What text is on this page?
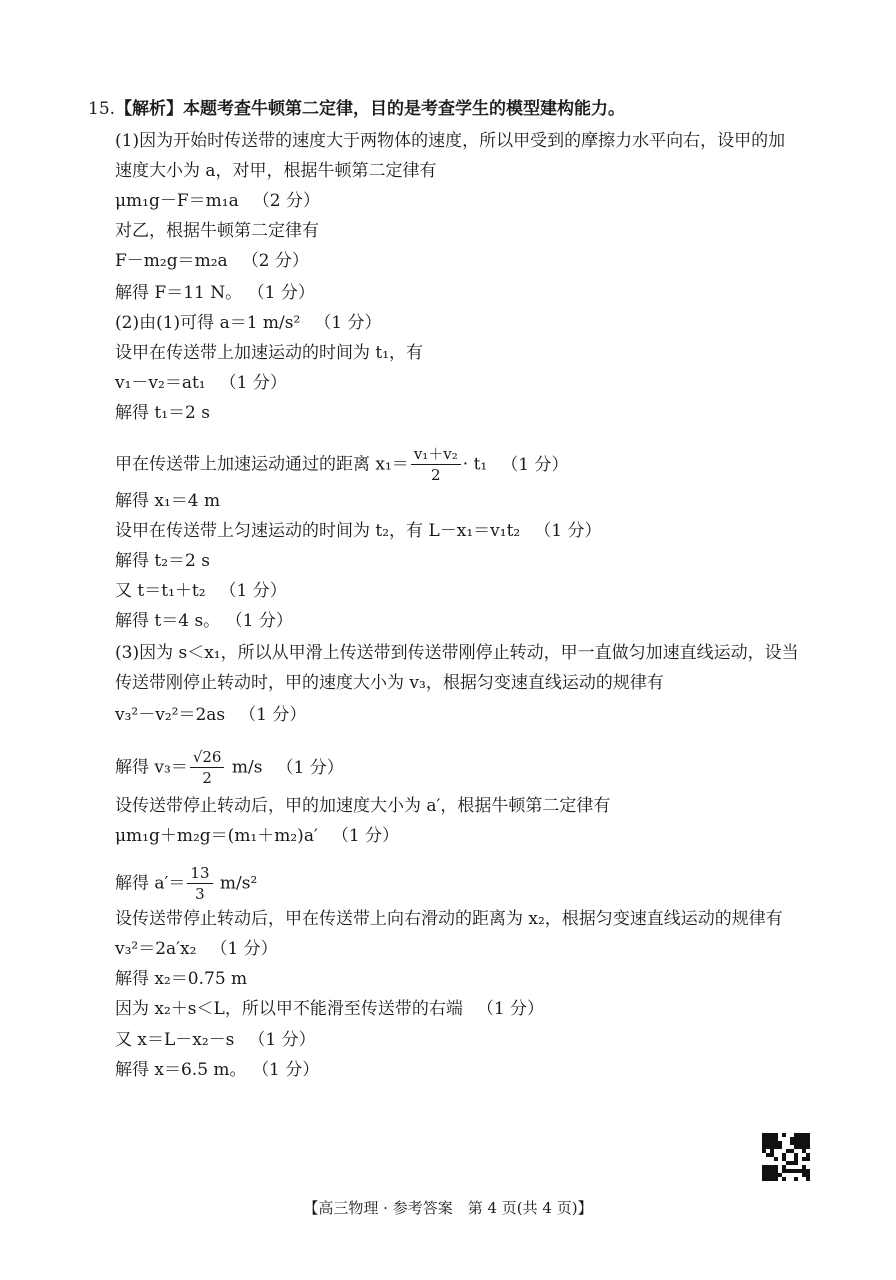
15.【解析】本题考查牛顿第二定律，目的是考查学生的模型建构能力。
(1)因为开始时传送带的速度大于两物体的速度，所以甲受到的摩擦力水平向右，设甲的加
速度大小为 a，对甲，根据牛顿第二定律有
μm₁g－F＝m₁a （2 分）
对乙，根据牛顿第二定律有
F－m₂g＝m₂a （2 分）
解得 F＝11 N。 （1 分）
(2)由(1)可得 a＝1 m/s² （1 分）
设甲在传送带上加速运动的时间为 t₁，有
v₁－v₂＝at₁ （1 分）
解得 t₁＝2 s
甲在传送带上加速运动通过的距离 $x_1= \frac{\text{v₁＋v₂}}{2} \cdot t_1$ （1 分）
解得 x₁＝4 m
设甲在传送带上匀速运动的时间为 t₂，有 L－x₁＝v₁t₂ （1 分）
解得 t₂＝2 s
又 t＝t₁＋t₂ （1 分）
解得 t＝4 s。 （1 分）
(3)因为 s＜x₁，所以从甲滑上传送带到传送带刚停止转动，甲一直做匀加速直线运动，设当
传送带刚停止转动时，甲的速度大小为 v₃，根据匀变速直线运动的规律有
v₃²－v₂²＝2as （1 分）
解得 $v_3= \frac{√26}{2} m/s$ （1 分）
设传送带停止转动后，甲的加速度大小为 a′，根据牛顿第二定律有
μm₁g＋m₂g＝(m₁＋m₂)a′ （1 分）
解得 $a'= \frac{13}{3} m/s^2$
设传送带停止转动后，甲在传送带上向右滑动的距离为 x₂，根据匀变速直线运动的规律有
v₃²＝2a′x₂ （1 分）
解得 x₂＝0.75 m
因为 x₂＋s＜L，所以甲不能滑至传送带的右端 （1 分）
又 x＝L－x₂－s （1 分）
解得 x＝6.5 m。 （1 分）
【高三物理 · 参考答案　第 4 页(共 4 页)】
